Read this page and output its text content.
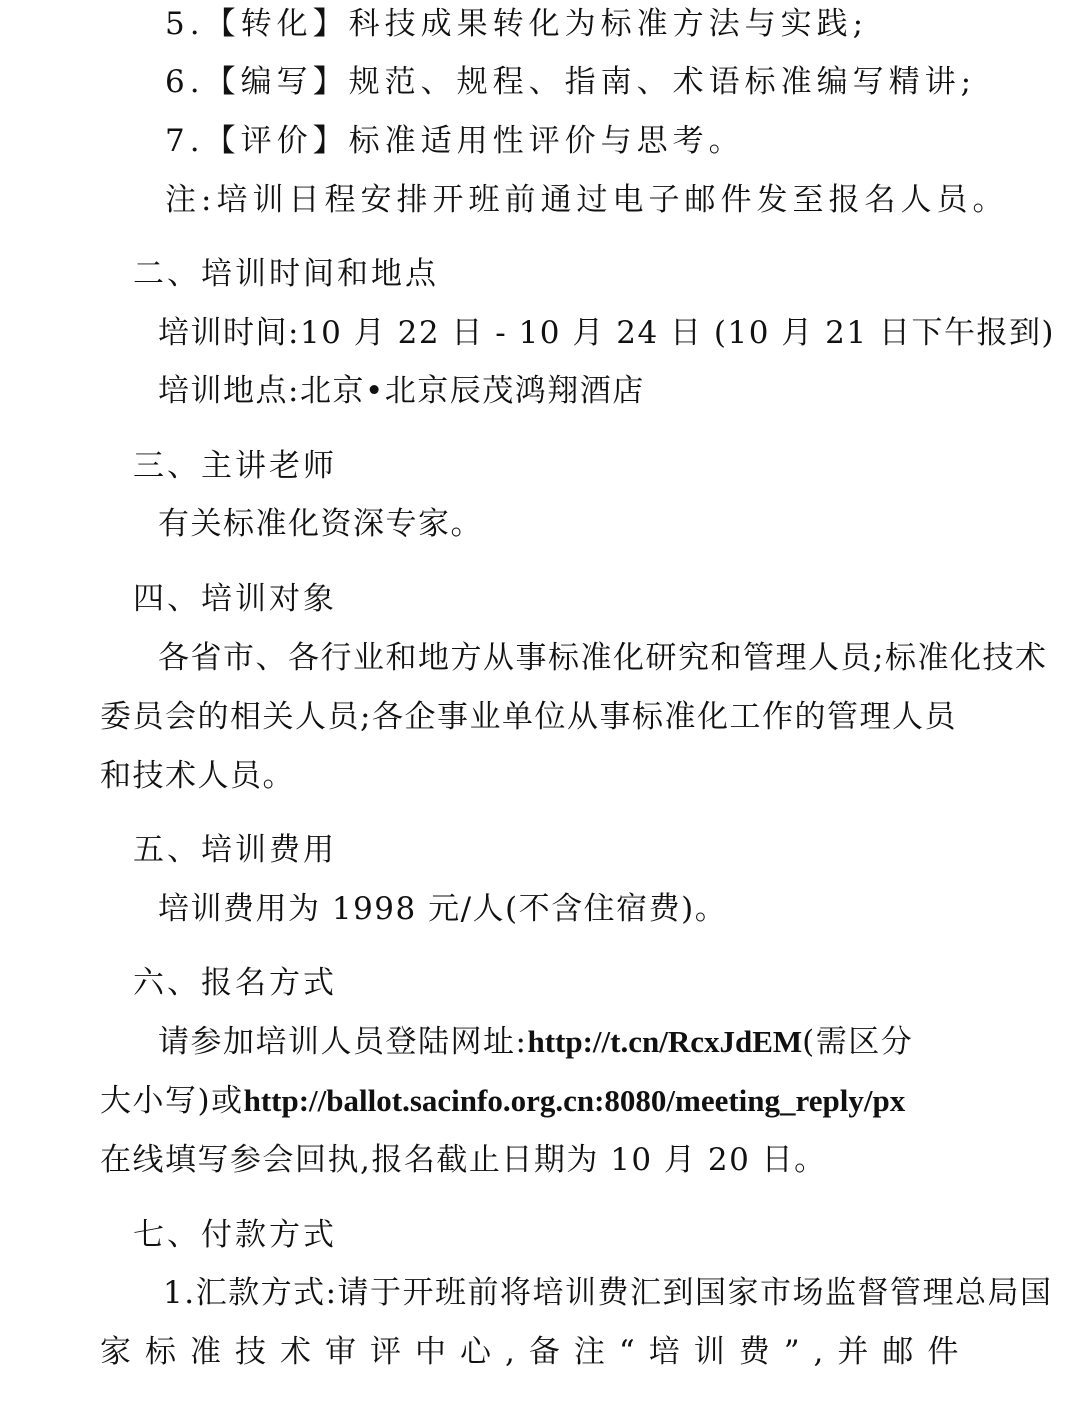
5.【转化】科技成果转化为标准方法与实践;
6.【编写】规范、规程、指南、术语标准编写精讲;
7.【评价】标准适用性评价与思考。
注:培训日程安排开班前通过电子邮件发至报名人员。
二、培训时间和地点
培训时间:10 月 22 日 - 10 月 24 日 (10 月 21 日下午报到)
培训地点:北京•北京辰茂鸿翔酒店
三、主讲老师
有关标准化资深专家。
四、培训对象
各省市、各行业和地方从事标准化研究和管理人员;标准化技术
委员会的相关人员;各企事业单位从事标准化工作的管理人员
和技术人员。
五、培训费用
培训费用为 1998 元/人(不含住宿费)。
六、报名方式
请参加培训人员登陆网址:http://t.cn/RcxJdEM(需区分
大小写)或http://ballot.sacinfo.org.cn:8080/meeting_reply/px
在线填写参会回执,报名截止日期为 10 月 20 日。
七、付款方式
1.汇款方式:请于开班前将培训费汇到国家市场监督管理总局国
家标准技术审评中心,备注“培训费”,并邮件
